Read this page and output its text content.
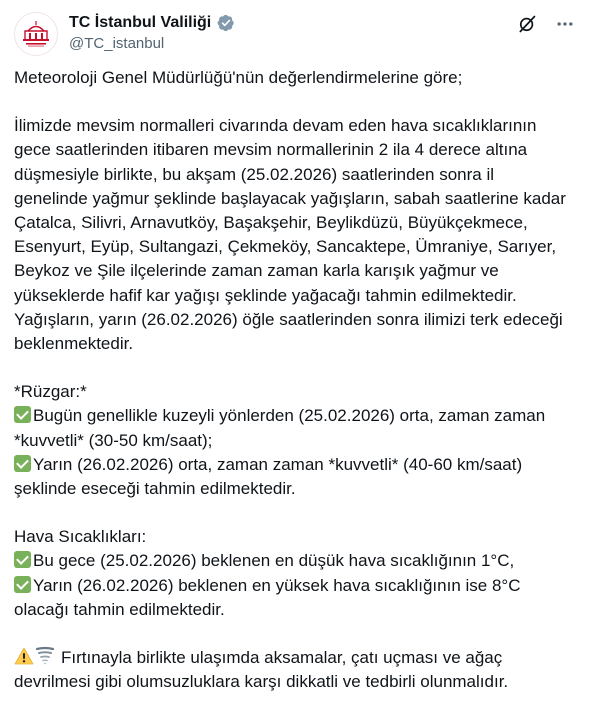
TC İstanbul Valiliği
@TC_istanbul

Meteoroloji Genel Müdürlüğü'nün değerlendirmelerine göre;

İlimizde mevsim normalleri civarında devam eden hava sıcaklıklarının
gece saatlerinden itibaren mevsim normallerinin 2 ila 4 derece altına
düşmesiyle birlikte, bu akşam (25.02.2026) saatlerinden sonra il
genelinde yağmur şeklinde başlayacak yağışların, sabah saatlerine kadar
Çatalca, Silivri, Arnavutköy, Başakşehir, Beylikdüzü, Büyükçekmece,
Esenyurt, Eyüp, Sultangazi, Çekmeköy, Sancaktepe, Ümraniye, Sarıyer,
Beykoz ve Şile ilçelerinde zaman zaman karla karışık yağmur ve
yükseklerde hafif kar yağışı şeklinde yağacağı tahmin edilmektedir.
Yağışların, yarın (26.02.2026) öğle saatlerinden sonra ilimizi terk edeceği
beklenmektedir.

*Rüzgar:*
Bugün genellikle kuzeyli yönlerden (25.02.2026) orta, zaman zaman
*kuvvetli* (30-50 km/saat);
Yarın (26.02.2026) orta, zaman zaman *kuvvetli* (40-60 km/saat)
şeklinde eseceği tahmin edilmektedir.

Hava Sıcaklıkları:
Bu gece (25.02.2026) beklenen en düşük hava sıcaklığının 1°C,
Yarın (26.02.2026) beklenen en yüksek hava sıcaklığının ise 8°C
olacağı tahmin edilmektedir.

Fırtınayla birlikte ulaşımda aksamalar, çatı uçması ve ağaç
devrilmesi gibi olumsuzluklara karşı dikkatli ve tedbirli olunmalıdır.
